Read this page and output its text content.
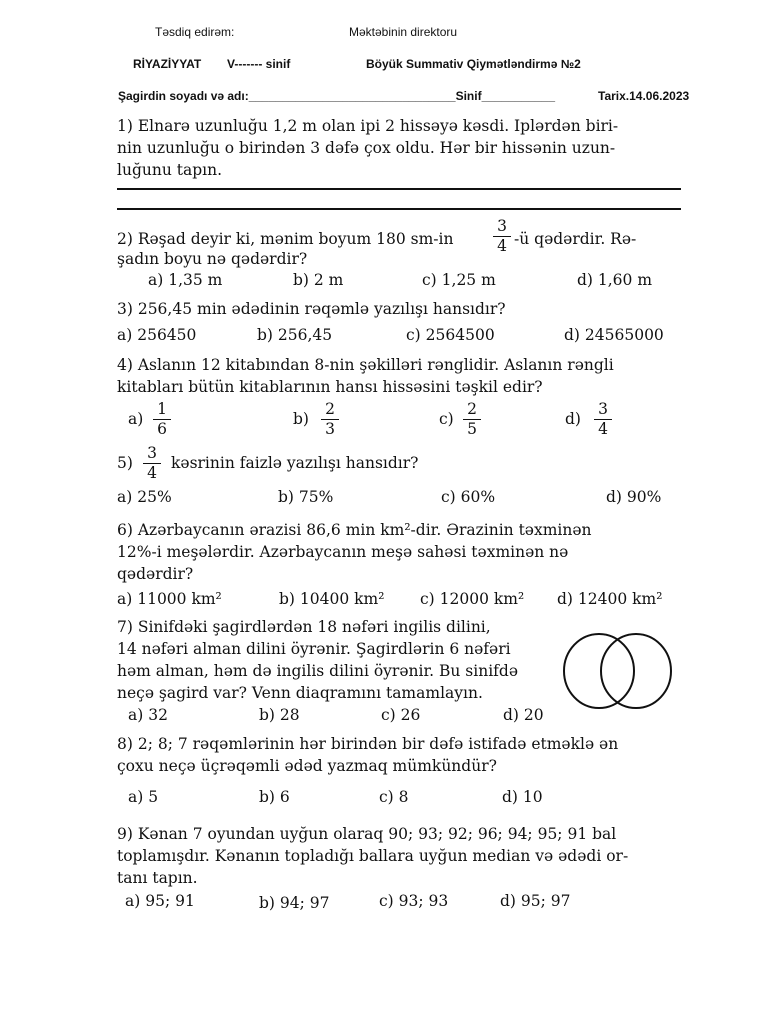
Təsdiq edirəm:	Məktəbinin direktoru
RİYAZİYYAT V------- sinif	Böyük Summativ Qiymətləndirmə №2
Şagirdin soyadı və adı:_______________________________Sinif___________	Tarix.14.06.2023
1) Elnarə uzunluğu 1,2 m olan ipi 2 hissəyə kəsdi. Iplərdən biri-
nin uzunluğu o birindən 3 dəfə çox oldu. Hər bir hissənin uzun-
luğunu tapın.
2) Rəşad deyir ki, mənim boyum 180 sm-in
3
4 -ü qədərdir. Rə-
şadın boyu nə qədərdir?
a) 1,35 m	b) 2 m	c) 1,25 m	d) 1,60 m
3) 256,45 min ədədinin rəqəmlə yazılışı hansıdır?
a) 256450	b) 256,45	c) 2564500	d) 24565000
4) Aslanın 12 kitabından 8-nin şəkilləri rənglidir. Aslanın rəngli
kitabları bütün kitablarının hansı hissəsini təşkil edir?
a)
1
6
b)
2
3
c)
2
5
d)
3
4
5)
3
4
kəsrinin faizlə yazılışı hansıdır?
a) 25%	b) 75%	c) 60%	d) 90%
6) Azərbaycanın ərazisi 86,6 min km²-dir. Ərazinin təxminən
12%-i meşələrdir. Azərbaycanın meşə sahəsi təxminən nə
qədərdir?
a) 11000 km²	b) 10400 km² c) 12000 km² d) 12400 km²
7) Sinifdəki şagirdlərdən 18 nəfəri ingilis dilini,
14 nəfəri alman dilini öyrənir. Şagirdlərin 6 nəfəri
həm alman, həm də ingilis dilini öyrənir. Bu sinifdə
neçə şagird var? Venn diaqramını tamamlayın.
a) 32	b) 28	c) 26	d) 20
8) 2; 8; 7 rəqəmlərinin hər birindən bir dəfə istifadə etməklə ən
çoxu neçə üçrəqəmli ədəd yazmaq mümkündür?
a) 5	b) 6	c) 8	d) 10
9) Kənan 7 oyundan uyğun olaraq 90; 93; 92; 96; 94; 95; 91 bal
toplamışdır. Kənanın topladığı ballara uyğun median və ədədi or-
tanı tapın.
a) 95; 91	b) 94; 97	c) 93; 93	d) 95; 97
